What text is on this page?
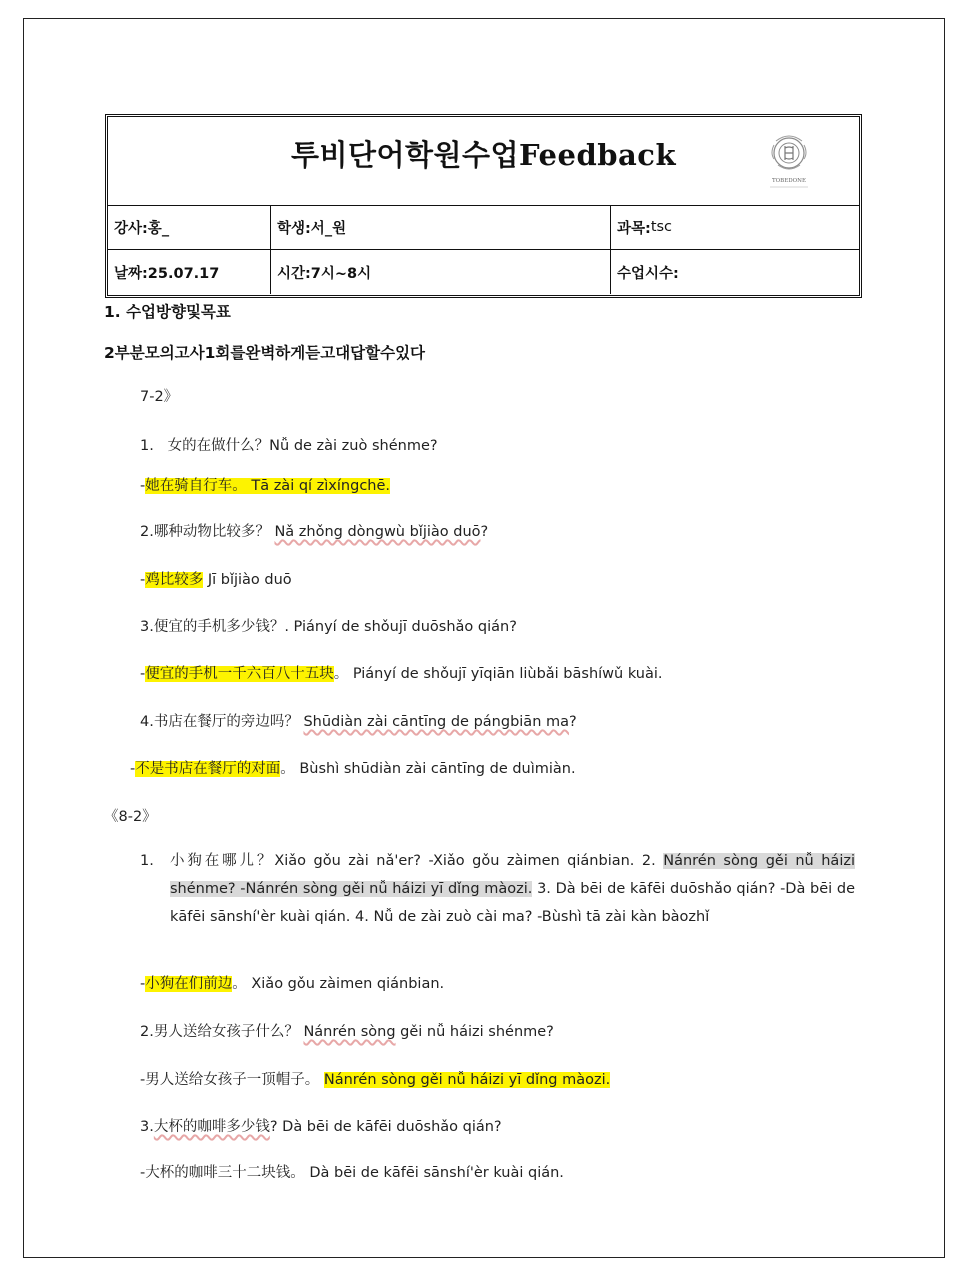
투비단어학원수업Feedback
TOBEDONE
강사:홍_	학생:서_원	과목: tsc
날짜:25.07.17	시간:7시~8시	수업시수:
1. 수업방향및목표
2부분모의고사1회를완벽하게듣고대답할수있다
7-2》
1. 女的在做什么？Nǚ de zài zuò shénme?
-她在骑自行车。 Tā zài qí zìxíngchē.
2.哪种动物比较多？ Nǎ zhǒng dòngwù bǐjiào duō?
-鸡比较多 Jī bǐjiào duō
3.便宜的手机多少钱？. Piányí de shǒujī duōshǎo qián?
-便宜的手机一千六百八十五块。 Piányí de shǒujī yīqiān liùbǎi bāshíwǔ kuài.
4.书店在餐厅的旁边吗？ Shūdiàn zài cāntīng de pángbiān ma?
-不是书店在餐厅的对面。 Bùshì shūdiàn zài cāntīng de duìmiàn.
《8-2》
1. 小狗在哪儿？Xiǎo gǒu zài nǎ'er? -Xiǎo gǒu zàimen qiánbian. 2. Nánrén sòng gěi nǚ háizi shénme? -Nánrén sòng gěi nǚ háizi yī dǐng màozi. 3. Dà bēi de kāfēi duōshǎo qián? -Dà bēi de kāfēi sānshí'èr kuài qián. 4. Nǚ de zài zuò cài ma? -Bùshì tā zài kàn bàozhǐ
-小狗在们前边。 Xiǎo gǒu zàimen qiánbian.
2.男人送给女孩子什么？ Nánrén sòng gěi nǚ háizi shénme?
-男人送给女孩子一顶帽子。 Nánrén sòng gěi nǚ háizi yī dǐng màozi.
3.大杯的咖啡多少钱? Dà bēi de kāfēi duōshǎo qián?
-大杯的咖啡三十二块钱。 Dà bēi de kāfēi sānshí'èr kuài qián.
